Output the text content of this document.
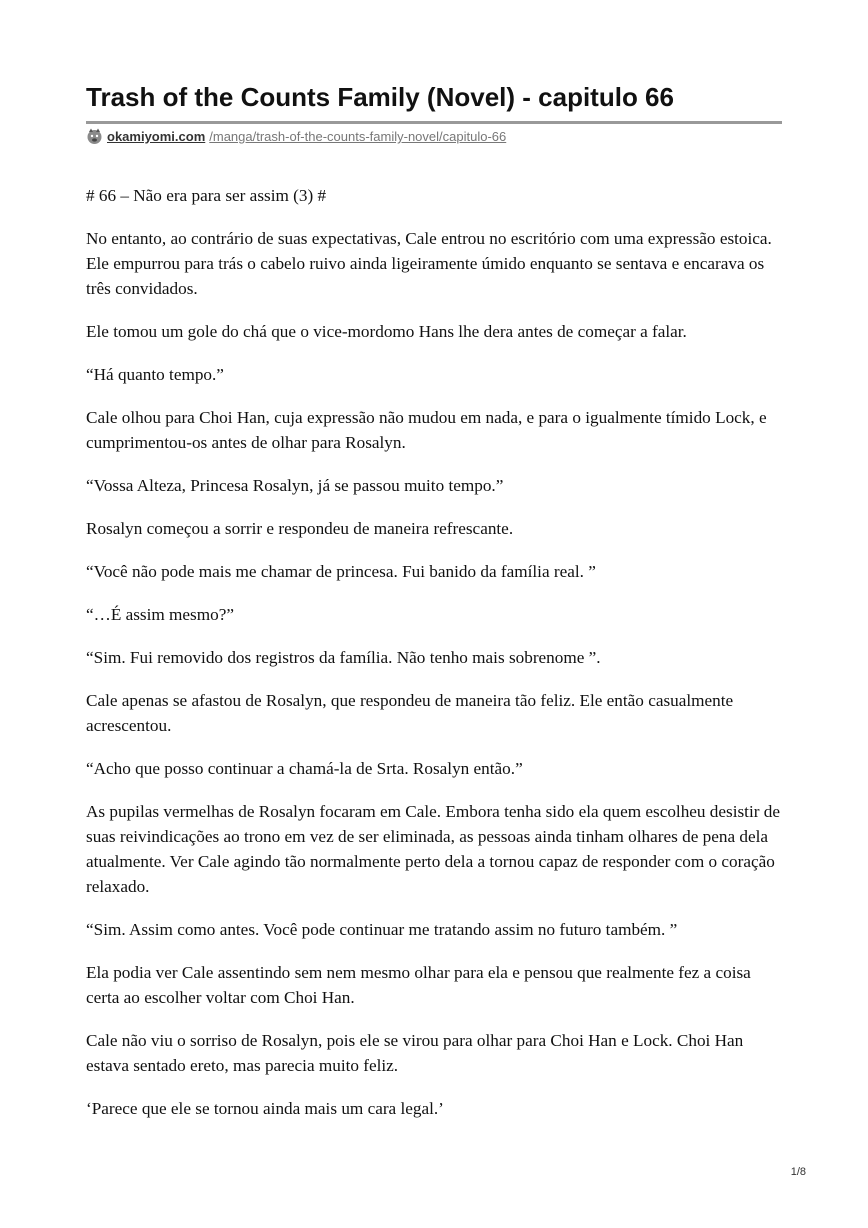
Trash of the Counts Family (Novel) - capitulo 66
okamiyomi.com /manga/trash-of-the-counts-family-novel/capitulo-66

# 66 – Não era para ser assim (3) #

No entanto, ao contrário de suas expectativas, Cale entrou no escritório com uma expressão estoica. Ele empurrou para trás o cabelo ruivo ainda ligeiramente úmido enquanto se sentava e encarava os três convidados.

Ele tomou um gole do chá que o vice-mordomo Hans lhe dera antes de começar a falar.

“Há quanto tempo.”

Cale olhou para Choi Han, cuja expressão não mudou em nada, e para o igualmente tímido Lock, e cumprimentou-os antes de olhar para Rosalyn.

“Vossa Alteza, Princesa Rosalyn, já se passou muito tempo.”

Rosalyn começou a sorrir e respondeu de maneira refrescante.

“Você não pode mais me chamar de princesa. Fui banido da família real. ”

“…É assim mesmo?”

“Sim. Fui removido dos registros da família. Não tenho mais sobrenome ”.

Cale apenas se afastou de Rosalyn, que respondeu de maneira tão feliz. Ele então casualmente acrescentou.

“Acho que posso continuar a chamá-la de Srta. Rosalyn então.”

As pupilas vermelhas de Rosalyn focaram em Cale. Embora tenha sido ela quem escolheu desistir de suas reivindicações ao trono em vez de ser eliminada, as pessoas ainda tinham olhares de pena dela atualmente. Ver Cale agindo tão normalmente perto dela a tornou capaz de responder com o coração relaxado.

“Sim. Assim como antes. Você pode continuar me tratando assim no futuro também. ”

Ela podia ver Cale assentindo sem nem mesmo olhar para ela e pensou que realmente fez a coisa certa ao escolher voltar com Choi Han.

Cale não viu o sorriso de Rosalyn, pois ele se virou para olhar para Choi Han e Lock. Choi Han estava sentado ereto, mas parecia muito feliz.

‘Parece que ele se tornou ainda mais um cara legal.’

1/8
